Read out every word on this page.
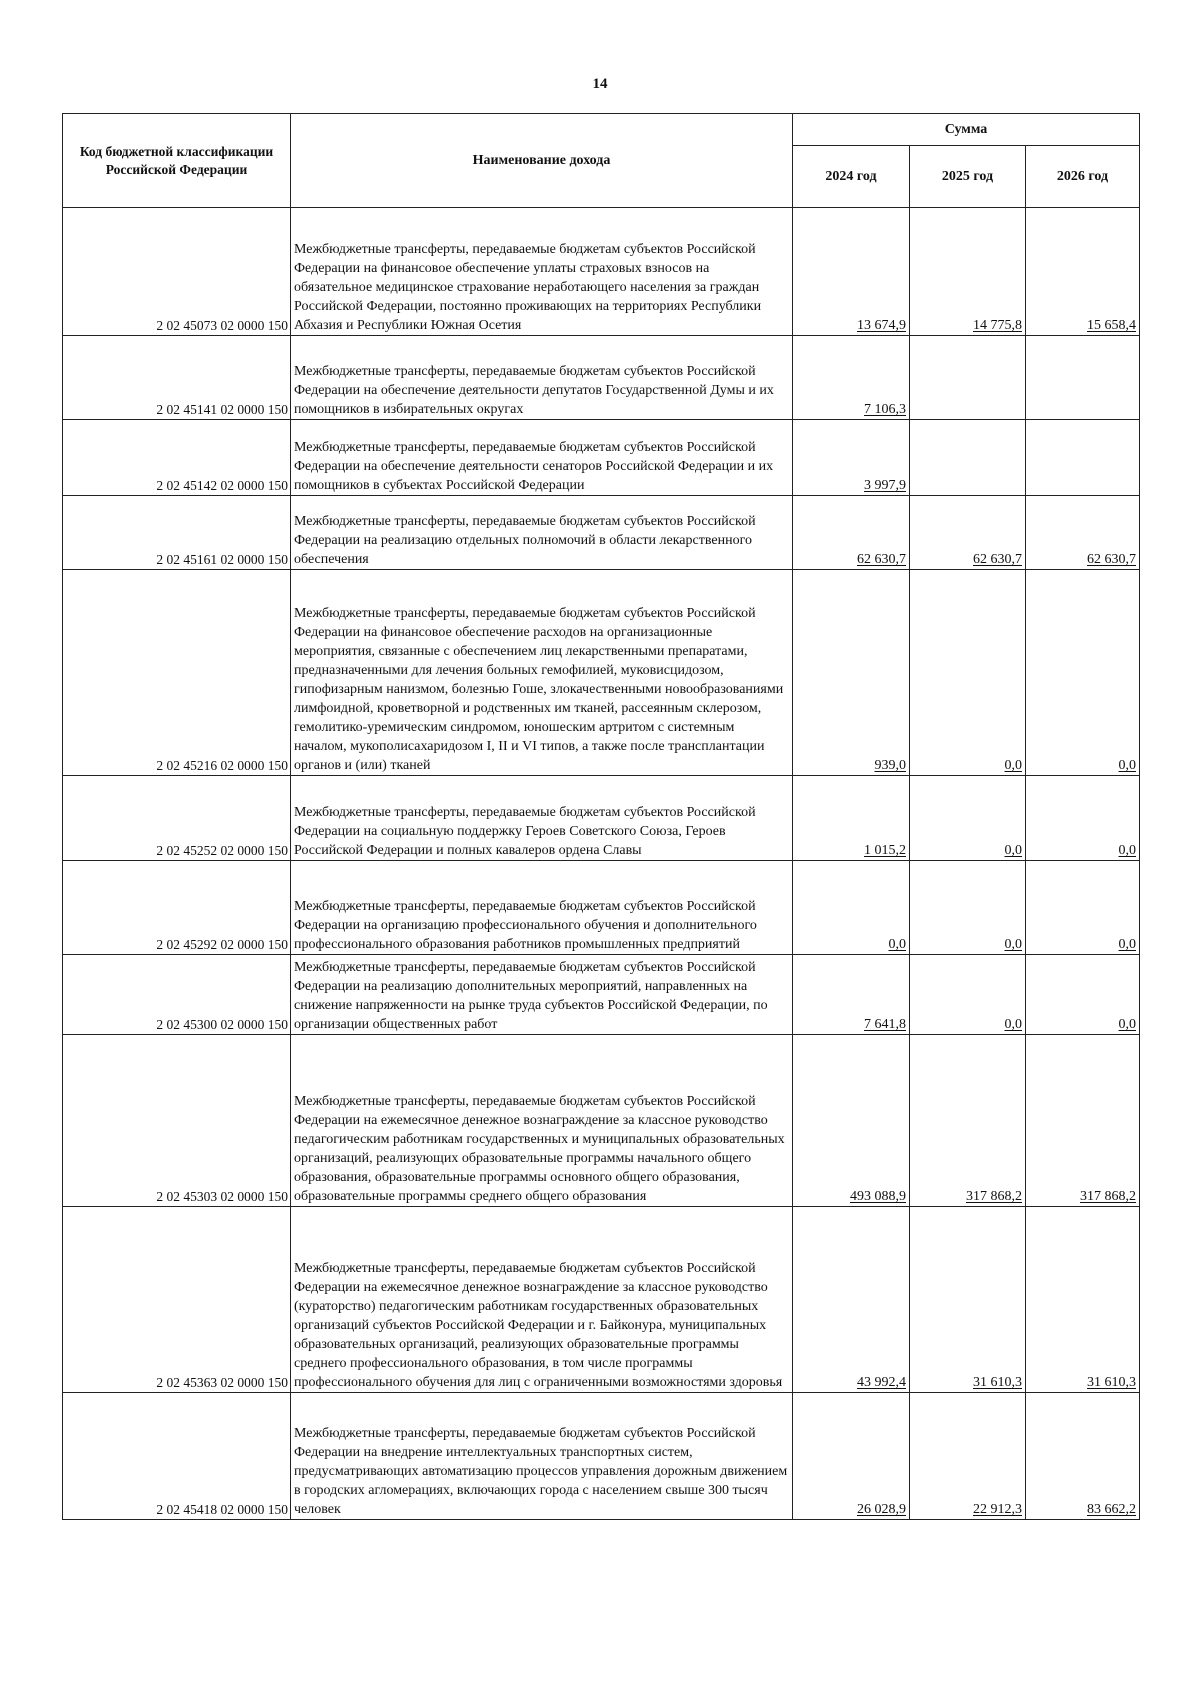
14
Код бюджетной классификации Российской Федерации	Наименование дохода	Сумма		
		2024 год	2025 год	2026 год
2 02 45073 02 0000 150	Межбюджетные трансферты, передаваемые бюджетам субъектов Российской Федерации на финансовое обеспечение уплаты страховых взносов на обязательное медицинское страхование неработающего населения за граждан Российской Федерации, постоянно проживающих на территориях Республики Абхазия и Республики Южная Осетия	13 674,9	14 775,8	15 658,4
2 02 45141 02 0000 150	Межбюджетные трансферты, передаваемые бюджетам субъектов Российской Федерации на обеспечение деятельности депутатов Государственной Думы и их помощников в избирательных округах	7 106,3		
2 02 45142 02 0000 150	Межбюджетные трансферты, передаваемые бюджетам субъектов Российской Федерации на обеспечение деятельности сенаторов Российской Федерации и их помощников в субъектах Российской Федерации	3 997,9		
2 02 45161 02 0000 150	Межбюджетные трансферты, передаваемые бюджетам субъектов Российской Федерации на реализацию отдельных полномочий в области лекарственного обеспечения	62 630,7	62 630,7	62 630,7
2 02 45216 02 0000 150	Межбюджетные трансферты, передаваемые бюджетам субъектов Российской Федерации на финансовое обеспечение расходов на организационные мероприятия, связанные с обеспечением лиц лекарственными препаратами, предназначенными для лечения больных гемофилией, муковисцидозом, гипофизарным нанизмом, болезнью Гоше, злокачественными новообразованиями лимфоидной, кроветворной и родственных им тканей, рассеянным склерозом, гемолитико-уремическим синдромом, юношеским артритом с системным началом, мукополисахаридозом I, II и VI типов, а также после трансплантации органов и (или) тканей	939,0	0,0	0,0
2 02 45252 02 0000 150	Межбюджетные трансферты, передаваемые бюджетам субъектов Российской Федерации на социальную поддержку Героев Советского Союза, Героев Российской Федерации и полных кавалеров ордена Славы	1 015,2	0,0	0,0
2 02 45292 02 0000 150	Межбюджетные трансферты, передаваемые бюджетам субъектов Российской Федерации на организацию профессионального обучения и дополнительного профессионального образования работников промышленных предприятий	0,0	0,0	0,0
2 02 45300 02 0000 150	Межбюджетные трансферты, передаваемые бюджетам субъектов Российской Федерации на реализацию дополнительных мероприятий, направленных на снижение напряженности на рынке труда субъектов Российской Федерации, по организации общественных работ	7 641,8	0,0	0,0
2 02 45303 02 0000 150	Межбюджетные трансферты, передаваемые бюджетам субъектов Российской Федерации на ежемесячное денежное вознаграждение за классное руководство педагогическим работникам государственных и муниципальных образовательных организаций, реализующих образовательные программы начального общего образования, образовательные программы основного общего образования, образовательные программы среднего общего образования	493 088,9	317 868,2	317 868,2
2 02 45363 02 0000 150	Межбюджетные трансферты, передаваемые бюджетам субъектов Российской Федерации на ежемесячное денежное вознаграждение за классное руководство (кураторство) педагогическим работникам государственных образовательных организаций субъектов Российской Федерации и г. Байконура, муниципальных образовательных организаций, реализующих образовательные программы среднего профессионального образования, в том числе программы профессионального обучения для лиц с ограниченными возможностями здоровья	43 992,4	31 610,3	31 610,3
2 02 45418 02 0000 150	Межбюджетные трансферты, передаваемые бюджетам субъектов Российской Федерации на внедрение интеллектуальных транспортных систем, предусматривающих автоматизацию процессов управления дорожным движением в городских агломерациях, включающих города с населением свыше 300 тысяч человек	26 028,9	22 912,3	83 662,2
